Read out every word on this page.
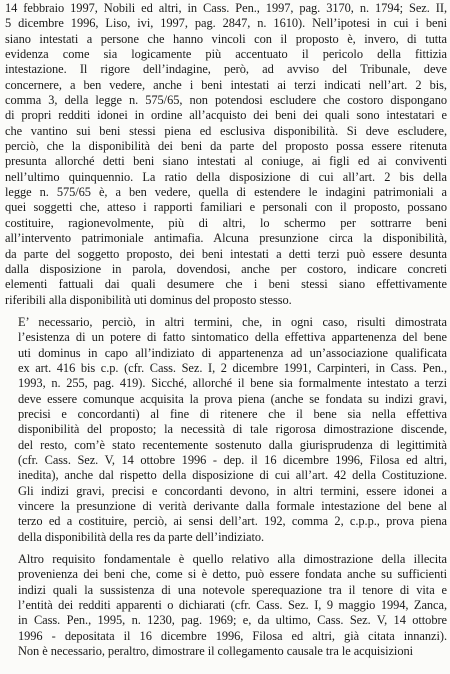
14 febbraio 1997, Nobili ed altri, in Cass. Pen., 1997, pag. 3170, n. 1794; Sez. II,
5 dicembre 1996, Liso, ivi, 1997, pag. 2847, n. 1610). Nell’ipotesi in cui i beni
siano intestati a persone che hanno vincoli con il proposto è, invero, di tutta
evidenza come sia logicamente più accentuato il pericolo della fittizia
intestazione. Il rigore dell’indagine, però, ad avviso del Tribunale, deve
concernere, a ben vedere, anche i beni intestati ai terzi indicati nell’art. 2 bis,
comma 3, della legge n. 575/65, non potendosi escludere che costoro dispongano
di propri redditi idonei in ordine all’acquisto dei beni dei quali sono intestatari e
che vantino sui beni stessi piena ed esclusiva disponibilità. Si deve escludere,
perciò, che la disponibilità dei beni da parte del proposto possa essere ritenuta
presunta allorché detti beni siano intestati al coniuge, ai figli ed ai conviventi
nell’ultimo quinquennio. La ratio della disposizione di cui all’art. 2 bis della
legge n. 575/65 è, a ben vedere, quella di estendere le indagini patrimoniali a
quei soggetti che, atteso i rapporti familiari e personali con il proposto, possano
costituire, ragionevolmente, più di altri, lo schermo per sottrarre beni
all’intervento patrimoniale antimafia. Alcuna presunzione circa la disponibilità,
da parte del soggetto proposto, dei beni intestati a detti terzi può essere desunta
dalla disposizione in parola, dovendosi, anche per costoro, indicare concreti
elementi fattuali dai quali desumere che i beni stessi siano effettivamente
riferibili alla disponibilità uti dominus del proposto stesso.

E’ necessario, perciò, in altri termini, che, in ogni caso, risulti dimostrata
l’esistenza di un potere di fatto sintomatico della effettiva appartenenza del bene
uti dominus in capo all’indiziato di appartenenza ad un’associazione qualificata
ex art. 416 bis c.p. (cfr. Cass. Sez. I, 2 dicembre 1991, Carpinteri, in Cass. Pen.,
1993, n. 255, pag. 419). Sicché, allorché il bene sia formalmente intestato a terzi
deve essere comunque acquisita la prova piena (anche se fondata su indizi gravi,
precisi e concordanti) al fine di ritenere che il bene sia nella effettiva
disponibilità del proposto; la necessità di tale rigorosa dimostrazione discende,
del resto, com’è stato recentemente sostenuto dalla giurisprudenza di legittimità
(cfr. Cass. Sez. V, 14 ottobre 1996 - dep. il 16 dicembre 1996, Filosa ed altri,
inedita), anche dal rispetto della disposizione di cui all’art. 42 della Costituzione.
Gli indizi gravi, precisi e concordanti devono, in altri termini, essere idonei a
vincere la presunzione di verità derivante dalla formale intestazione del bene al
terzo ed a costituire, perciò, ai sensi dell’art. 192, comma 2, c.p.p., prova piena
della disponibilità della res da parte dell’indiziato.

Altro requisito fondamentale è quello relativo alla dimostrazione della illecita
provenienza dei beni che, come si è detto, può essere fondata anche su sufficienti
indizi quali la sussistenza di una notevole sperequazione tra il tenore di vita e
l’entità dei redditi apparenti o dichiarati (cfr. Cass. Sez. I, 9 maggio 1994, Zanca,
in Cass. Pen., 1995, n. 1230, pag. 1969; e, da ultimo, Cass. Sez. V, 14 ottobre
1996 - depositata il 16 dicembre 1996, Filosa ed altri, già citata innanzi).
Non è necessario, peraltro, dimostrare il collegamento causale tra le acquisizioni
